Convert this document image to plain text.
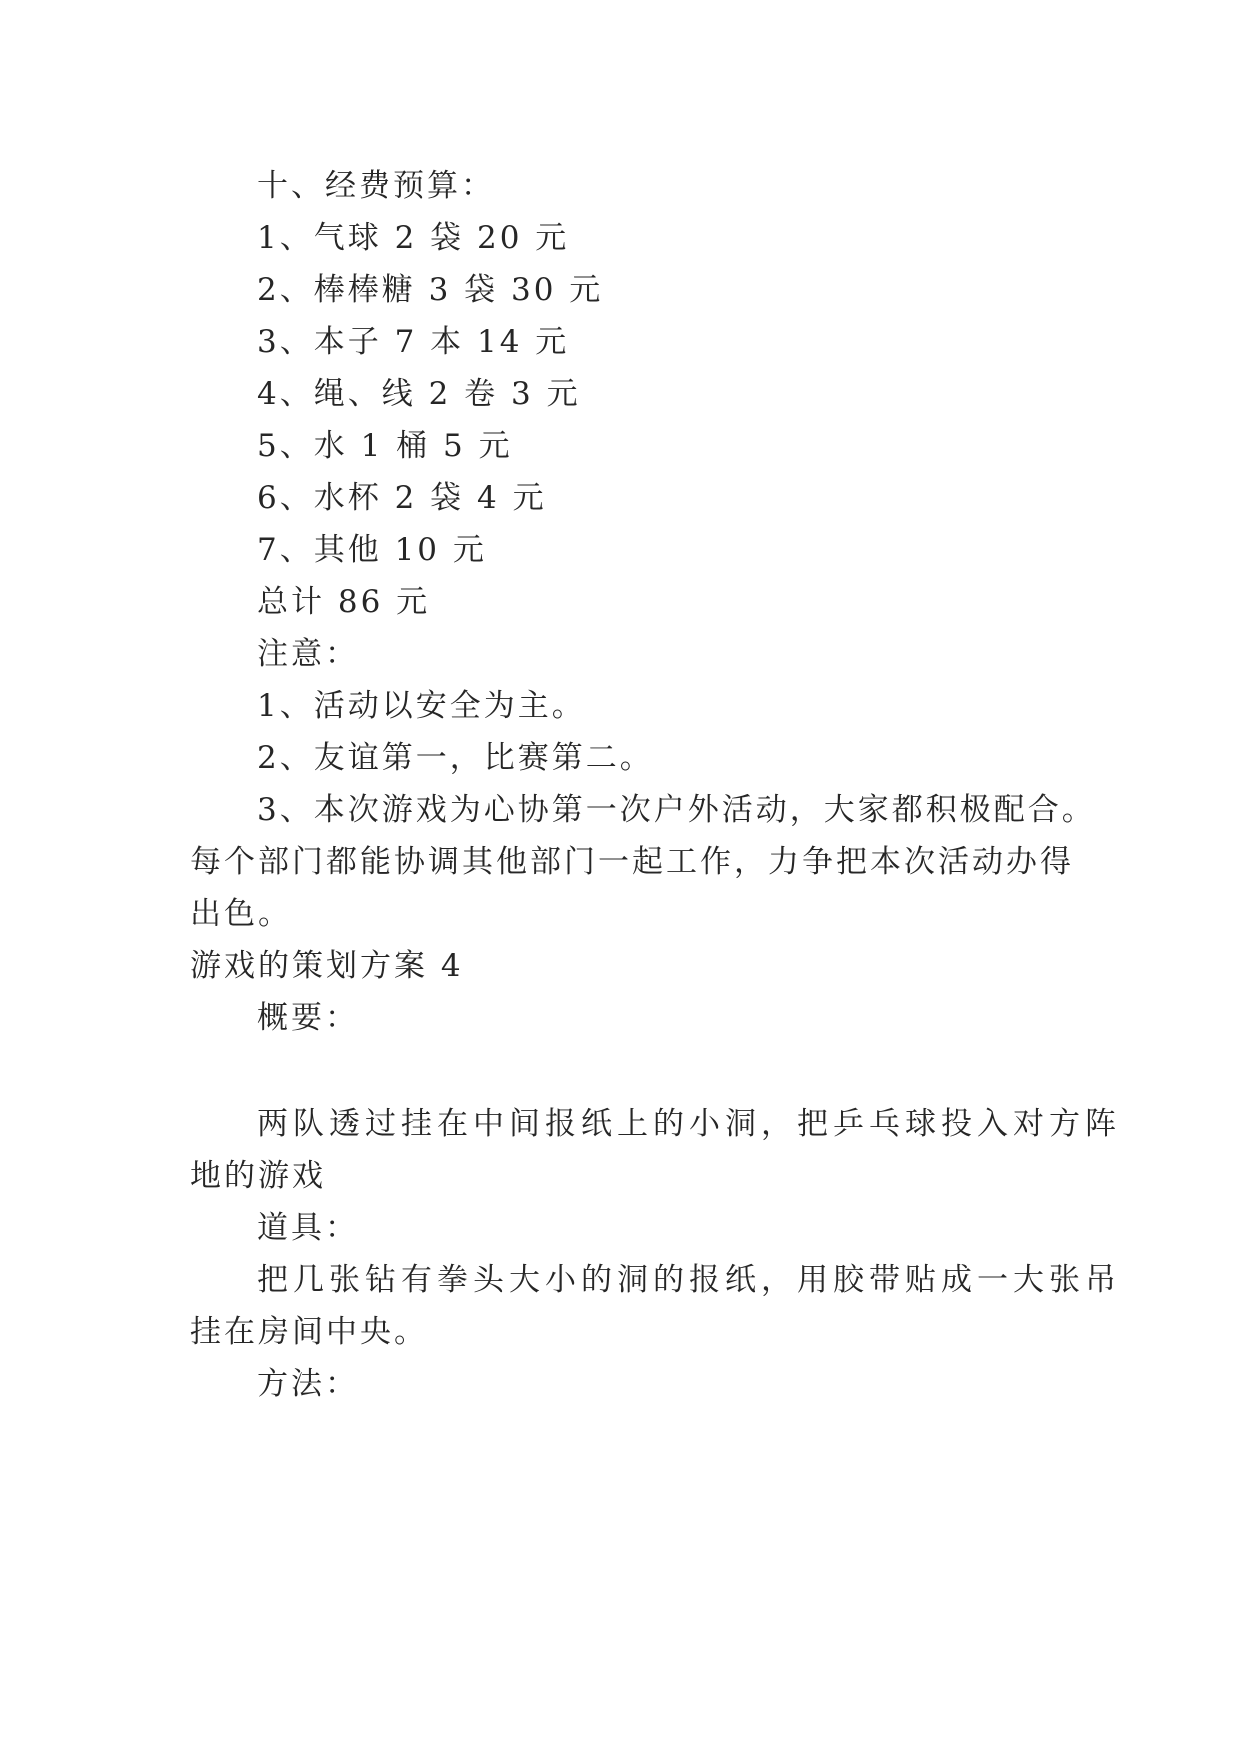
十、经费预算：

1、气球 2 袋 20 元

2、棒棒糖 3 袋 30 元

3、本子 7 本 14 元

4、绳、线 2 卷 3 元

5、水 1 桶 5 元

6、水杯 2 袋 4 元

7、其他 10 元

总计 86 元

注意：

1、活动以安全为主。

2、友谊第一，比赛第二。

3、本次游戏为心协第一次户外活动，大家都积极配合。

每个部门都能协调其他部门一起工作，力争把本次活动办得

出色。

游戏的策划方案 4

概要：

两队透过挂在中间报纸上的小洞，把乒乓球投入对方阵

地的游戏

道具：

把几张钻有拳头大小的洞的报纸，用胶带贴成一大张吊

挂在房间中央。

方法：
